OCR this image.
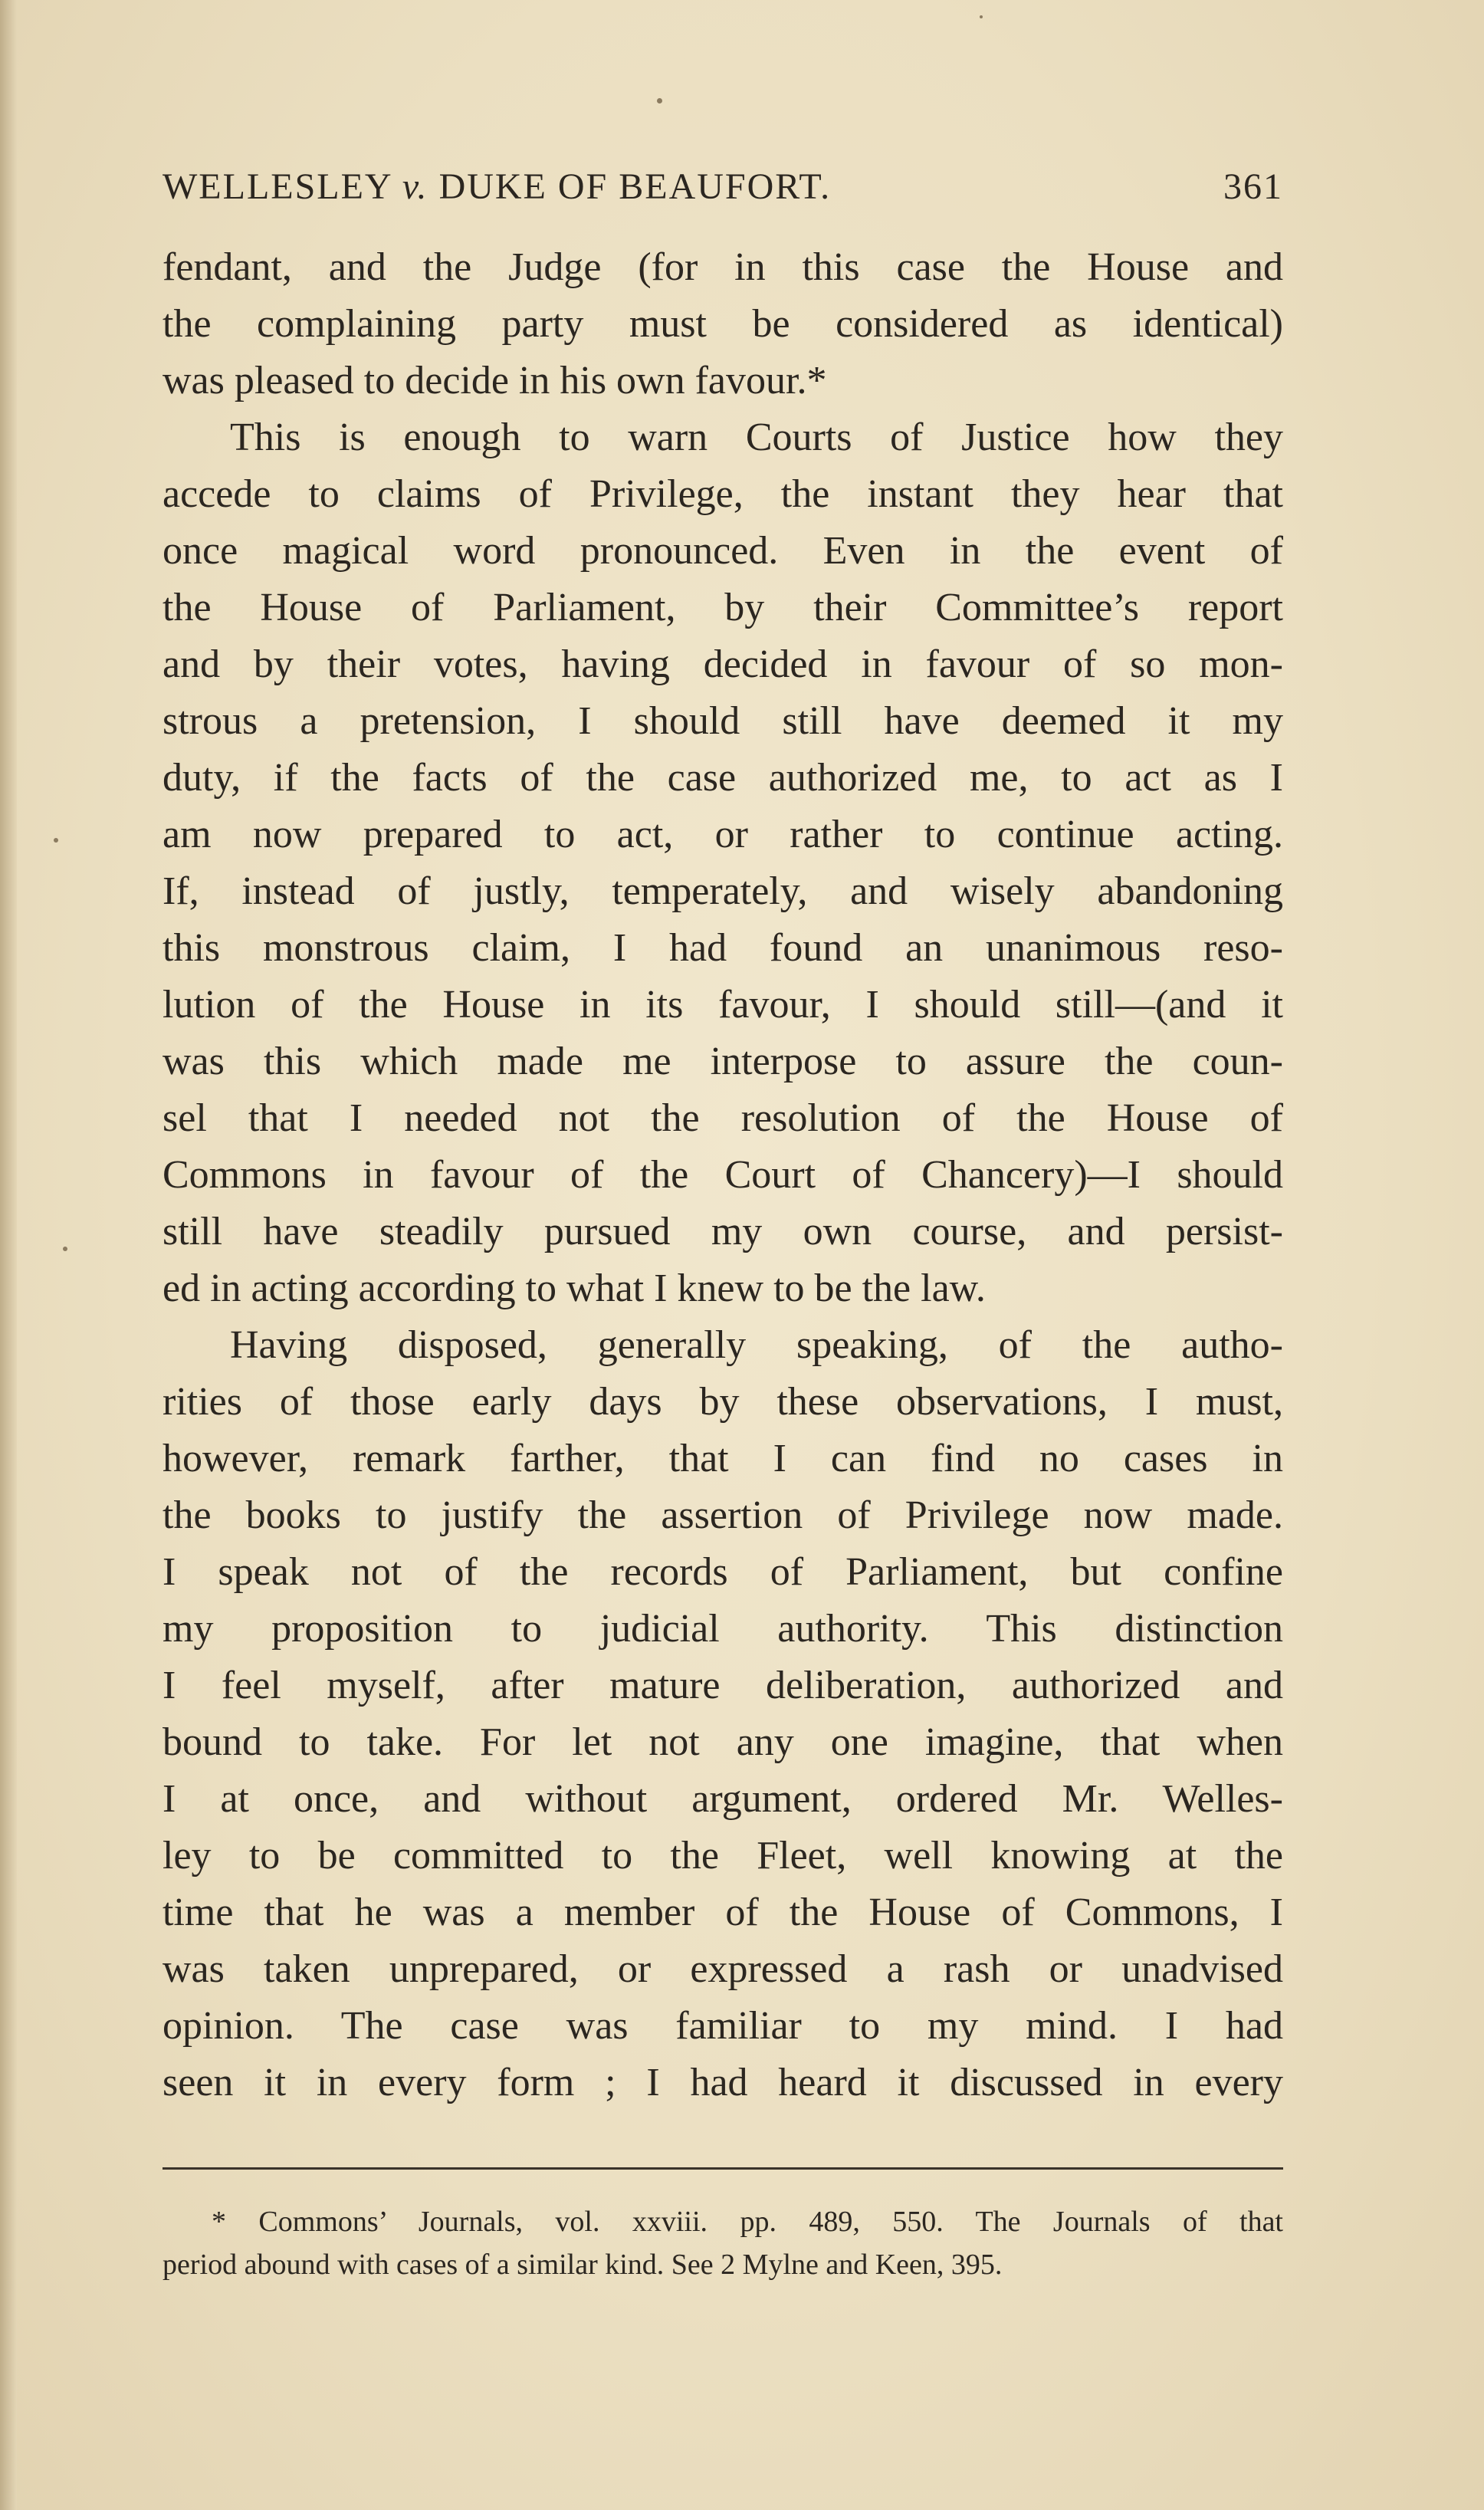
WELLESLEY v. DUKE OF BEAUFORT.	361
fendant, and the Judge (for in this case the House and
the complaining party must be considered as identical)
was pleased to decide in his own favour.*
This is enough to warn Courts of Justice how they
accede to claims of Privilege, the instant they hear that
once magical word pronounced. Even in the event of
the House of Parliament, by their Committee’s report
and by their votes, having decided in favour of so mon-
strous a pretension, I should still have deemed it my
duty, if the facts of the case authorized me, to act as I
am now prepared to act, or rather to continue acting.
If, instead of justly, temperately, and wisely abandoning
this monstrous claim, I had found an unanimous reso-
lution of the House in its favour, I should still—(and it
was this which made me interpose to assure the coun-
sel that I needed not the resolution of the House of
Commons in favour of the Court of Chancery)—I should
still have steadily pursued my own course, and persist-
ed in acting according to what I knew to be the law.
Having disposed, generally speaking, of the autho-
rities of those early days by these observations, I must,
however, remark farther, that I can find no cases in
the books to justify the assertion of Privilege now made.
I speak not of the records of Parliament, but confine
my proposition to judicial authority. This distinction
I feel myself, after mature deliberation, authorized and
bound to take. For let not any one imagine, that when
I at once, and without argument, ordered Mr. Welles-
ley to be committed to the Fleet, well knowing at the
time that he was a member of the House of Commons, I
was taken unprepared, or expressed a rash or unadvised
opinion. The case was familiar to my mind. I had
seen it in every form ; I had heard it discussed in every
* Commons’ Journals, vol. xxviii. pp. 489, 550. The Journals of that
period abound with cases of a similar kind. See 2 Mylne and Keen, 395.
